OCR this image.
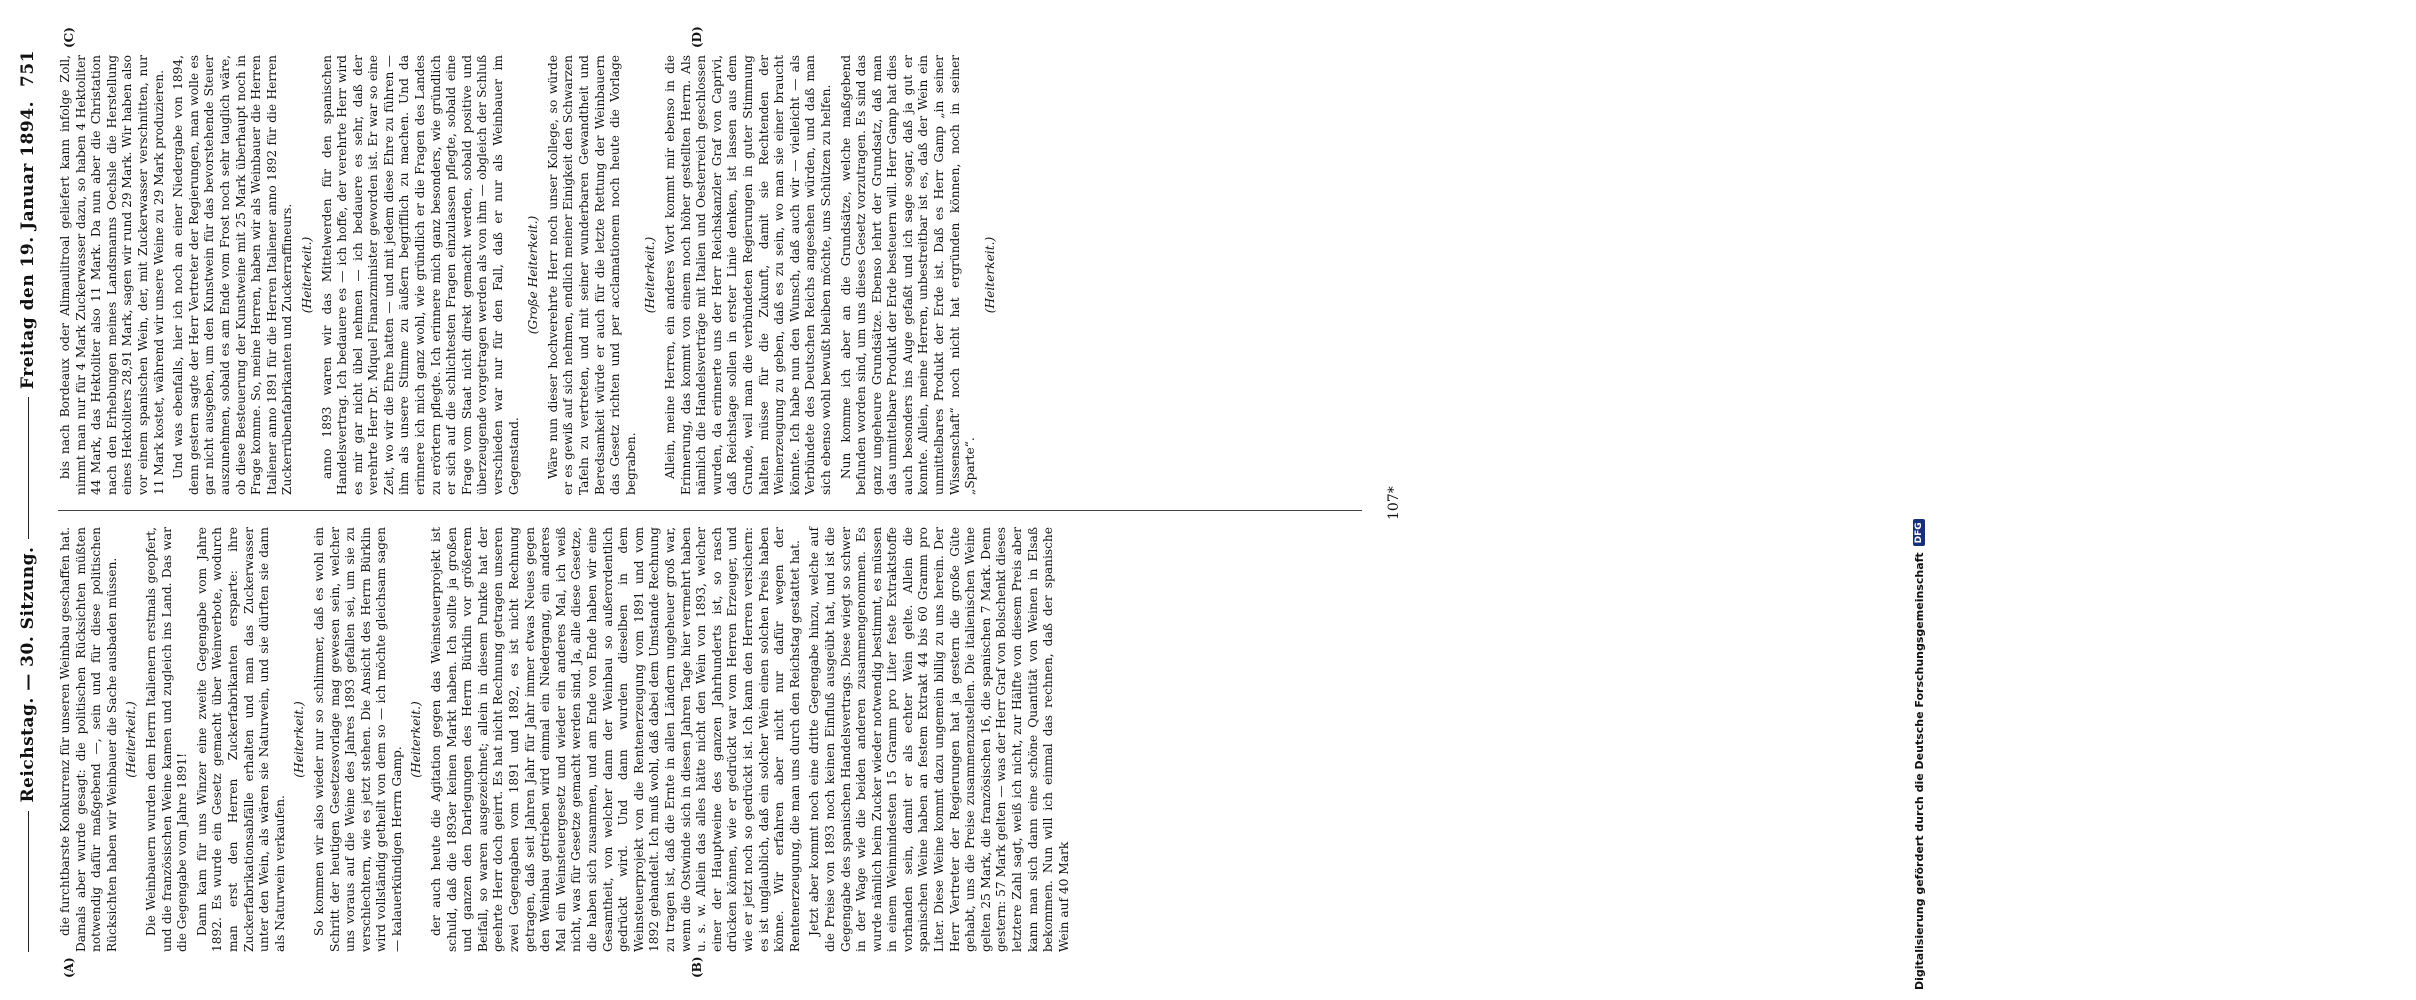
Reichstag. — 30. Sitzung.
Freitag den 19. Januar 1894.
751
(A)	(B)
(C)	(D)

die furchtbarste Konkurrenz für unseren Weinbau geschaffen hat. Damals aber wurde gesagt: die politischen Rücksichten müßten notwendig dafür maßgebend —, sein und für diese politischen Rücksichten haben wir Weinbauer die Sache ausbaden müssen. (Heiterkeit.) Die Weinbauern wurden dem Herrn Italienern erstmals geopfert, und die französischen Weine kamen und zugleich ins Land. Das war die Gegengabe vom Jahre 1891! Dann kam für uns Winzer eine zweite Gegengabe vom Jahre 1892. Es wurde ein Gesetz gemacht über Weinverbote, wodurch man erst den Herren Zuckerfabrikanten ersparte: ihre Zuckerfabrikationsabfälle erhalten und man das Zuckerwasser unter den Wein, als wären sie Naturwein, und sie dürften sie dann als Naturwein verkaufen.

(Heiterkeit.) So kommen wir also wieder nur so schlimmer, daß es wohl ein Schritt der heutigen Gesetzesvorlage mag gewesen sein, welcher uns voraus auf die Weine des Jahres 1893 gefallen sei, um sie zu verschlechtern, wie es jetzt stehen. Die Ansicht des Herrn Bürklin wird vollständig getheilt von dem so — ich möchte gleichsam sagen — kalauerkündigen Herrn Gamp.

(Heiterkeit.) der auch heute die Agitation gegen das Weinsteuerprojekt ist schuld, daß die 1893er keinen Markt haben. Ich sollte ja großen und ganzen den Darlegungen des Herrn Bürklin vor größerem Beifall, so waren ausgezeichnet; allein in diesem Punkte hat der geehrte Herr doch geirrt. Es hat nicht Rechnung getragen unseren zwei Gegengaben vom 1891 und 1892, es ist nicht Rechnung getragen, daß seit Jahren Jahr für Jahr immer etwas Neues gegen den Weinbau getrieben wird einmal ein Niedergang, ein anderes Mal ein Weinsteuergesetz und wieder ein anderes Mal, ich weiß nicht, was für Gesetze gemacht werden sind. Ja, alle diese Gesetze, die haben sich zusammen, und am Ende von Ende haben wir eine Gesamtheit, von welcher dann der Weinbau so außerordentlich gedrückt wird. Und dann wurden dieselben in dem Weinsteuerprojekt von die Rentenerzeugung vom 1891 und vom 1892 gehandelt. Ich muß wohl, daß dabei dem Umstande Rechnung zu tragen ist, daß die Ernte in allen Ländern ungeheuer groß war, wenn die Ostwinde sich in diesen Jahren Tage hier vermehrt haben u. s. w. Allein das alles hätte nicht den Wein von 1893, welcher einer der Hauptweine des ganzen Jahrhunderts ist, so rasch drücken können, wie er gedrückt war vom Herren Erzeuger, und wie er jetzt noch so gedrückt ist. Ich kann den Herren versichern: es ist unglaublich, daß ein solcher Wein einen solchen Preis haben könne. Wir erfahren aber nicht nur dafür wegen der Rentenerzeugung, die man uns durch den Reichstag gestattet hat. Jetzt aber kommt noch eine dritte Gegengabe hinzu, welche auf die Preise von 1893 noch keinen Einfluß ausgeübt hat, und ist die Gegengabe des spanischen Handelsvertrags. Diese wiegt so schwer in der Wage wie die beiden anderen zusammengenommen. Es wurde nämlich beim Zucker wieder notwendig bestimmt, es müssen in einem Weinmindesten 15 Gramm pro Liter feste Extraktstoffe vorhanden sein, damit er als echter Wein gelte. Allein die spanischen Weine haben an festem Extrakt 44 bis 60 Gramm pro Liter. Diese Weine kommt dazu ungemein billig zu uns herein. Der Herr Vertreter der Regierungen hat ja gestern die große Güte gehabt, uns die Preise zusammenzustellen. Die italienischen Weine gelten 25 Mark, die französischen 16, die spanischen 7 Mark. Denn gestern: 57 Mark gelten — was der Herr Graf von Bolschenkt dieses letztere Zahl sagt, weiß ich nicht, zur Hälfte von diesem Preis aber kann man sich dann eine schöne Quantität von Weinen in Elsaß bekommen. Nun will ich einmal das rechnen, daß der spanische Wein auf 40 Mark

bis nach Bordeaux oder Alimaulitroal geliefert kann infolge Zoll, nimmt man nur für 4 Mark Zuckerwasser dazu, so haben 4 Hektoliter 44 Mark, das Hektoliter also 11 Mark. Da nun aber die Christation nach den Erhebungen meines Landsmanns Oechsle die Herstellung eines Hektoliters 28,91 Mark, sagen wir rund 29 Mark. Wir haben also vor einem spanischen Wein, der, mit Zuckerwasser verschnitten, nur 11 Mark kostet, während wir unsere Weine zu 29 Mark produzieren. Und was ebenfalls, hier ich noch an einer Niedergabe von 1894, denn gestern sagte der Herr Vertreter der Regierungen, man wolle es gar nicht ausgeben, um den Kunstwein für das bevorstehende Steuer auszunehmen, sobald es am Ende vom Frost noch sehr tauglich wäre, ob diese Besteuerung der Kunstweine mit 25 Mark überhaupt noch in Frage komme. So, meine Herren, haben wir als Weinbauer die Herren Italiener anno 1891 für die Herren Italiener anno 1892 für die Herren Zuckerrübenfabrikanten und Zuckerraffineurs. (Heiterkeit.) anno 1893 waren wir das Mittelwerden für den spanischen Handelsvertrag. Ich bedauere es — ich hoffe, der verehrte Herr wird es mir gar nicht übel nehmen — ich bedauere es sehr, daß der verehrte Herr Dr. Miquel Finanzminister geworden ist. Er war so eine Zeit, wo wir die Ehre hatten — und mit jedem diese Ehre zu führen — ihm als unsere Stimme zu äußern begrifflich zu machen. Und da erinnere ich mich ganz wohl, wie gründlich er die Fragen des Landes zu erörtern pflegte. Ich erinnere mich ganz besonders, wie gründlich er sich auf die schlichtesten Fragen einzulassen pflegte, sobald eine Frage vom Staat nicht direkt gemacht werden, sobald positive und überzeugende vorgetragen werden als von ihm — obgleich der Schluß verschieden war nur für den Fall, daß er nur als Weinbauer im Gegenstand.

(Große Heiterkeit.) Wäre nun dieser hochverehrte Herr noch unser Kollege, so würde er es gewiß auf sich nehmen, endlich meiner Einigkeit den Schwarzen Tafeln zu vertreten, und mit seiner wunderbaren Gewandtheit und Beredsamkeit würde er auch für die letzte Rettung der Weinbauern das Gesetz richten und per acclamationem noch heute die Vorlage begraben.

(Heiterkeit.) Allein, meine Herren, ein anderes Wort kommt mir ebenso in die Erinnerung, das kommt von einem noch höher gestellten Herrn. Als nämlich die Handelsverträge mit Italien und Oesterreich geschlossen wurden, da erinnerte uns der Herr Reichskanzler Graf von Caprivi, daß Reichstage sollen in erster Linie denken, ist lassen aus dem Grunde, weil man die verbündeten Regierungen in guter Stimmung halten müsse für die Zukunft, damit sie Rechtenden der Weinerzeugung zu geben, daß es zu sein, wo man sie einer braucht könnte. Ich habe nun den Wunsch, daß auch wir — vielleicht — als Verbündete des Deutschen Reichs angesehen würden, und daß man sich ebenso wohl bewußt bleiben möchte, uns Schützen zu helfen. Nun komme ich aber an die Grundsätze, welche maßgebend befunden worden sind, um uns dieses Gesetz vorzutragen. Es sind das ganz ungeheure Grundsätze. Ebenso lehrt der Grundsatz, daß man das unmittelbare Produkt der Erde besteuern will. Herr Gamp hat dies auch besonders ins Auge gefaßt und ich sage sogar, daß ja gut er konnte. Allein, meine Herren, unbestreitbar ist es, daß der Wein ein unmittelbares Produkt der Erde ist. Daß es Herr Gamp „in seiner Wissenschaft“ noch nicht hat ergründen können, noch in seiner „Sparte“.

(Heiterkeit.)

107*
Digitalisierung gefördert durch die Deutsche Forschungsgemeinschaft
DFG
